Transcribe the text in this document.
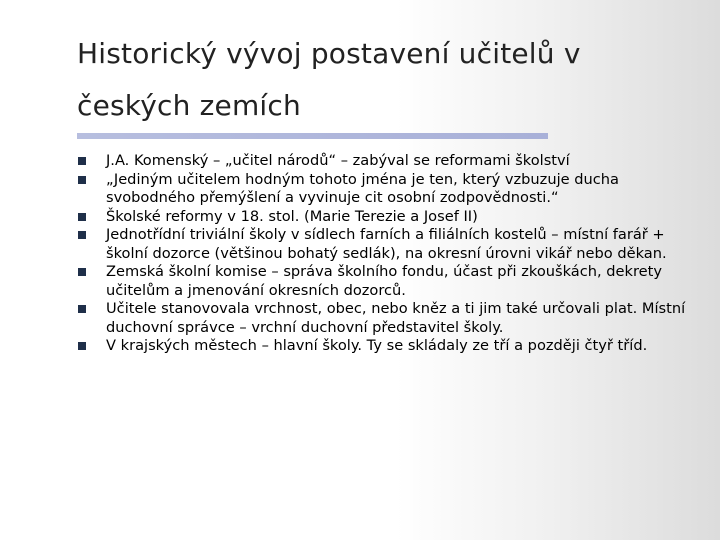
Historický vývoj postavení učitelů v českých zemích
J.A. Komenský – „učitel národů“ – zabýval se reformami školství
„Jediným učitelem hodným tohoto jména je ten, který vzbuzuje ducha svobodného přemýšlení a vyvinuje cit osobní zodpovědnosti.“
Školské reformy v 18. stol. (Marie Terezie a Josef II)
Jednotřídní triviální školy v sídlech farních a filiálních kostelů – místní farář + školní dozorce (většinou bohatý sedlák), na okresní úrovni vikář nebo děkan.
Zemská školní komise – správa školního fondu, účast při zkouškách, dekrety učitelům a jmenování okresních dozorců.
Učitele stanovovala vrchnost, obec, nebo kněz a ti jim také určovali plat. Místní duchovní správce – vrchní duchovní představitel školy.
V krajských městech – hlavní školy. Ty se skládaly ze tří a později čtyř tříd.
